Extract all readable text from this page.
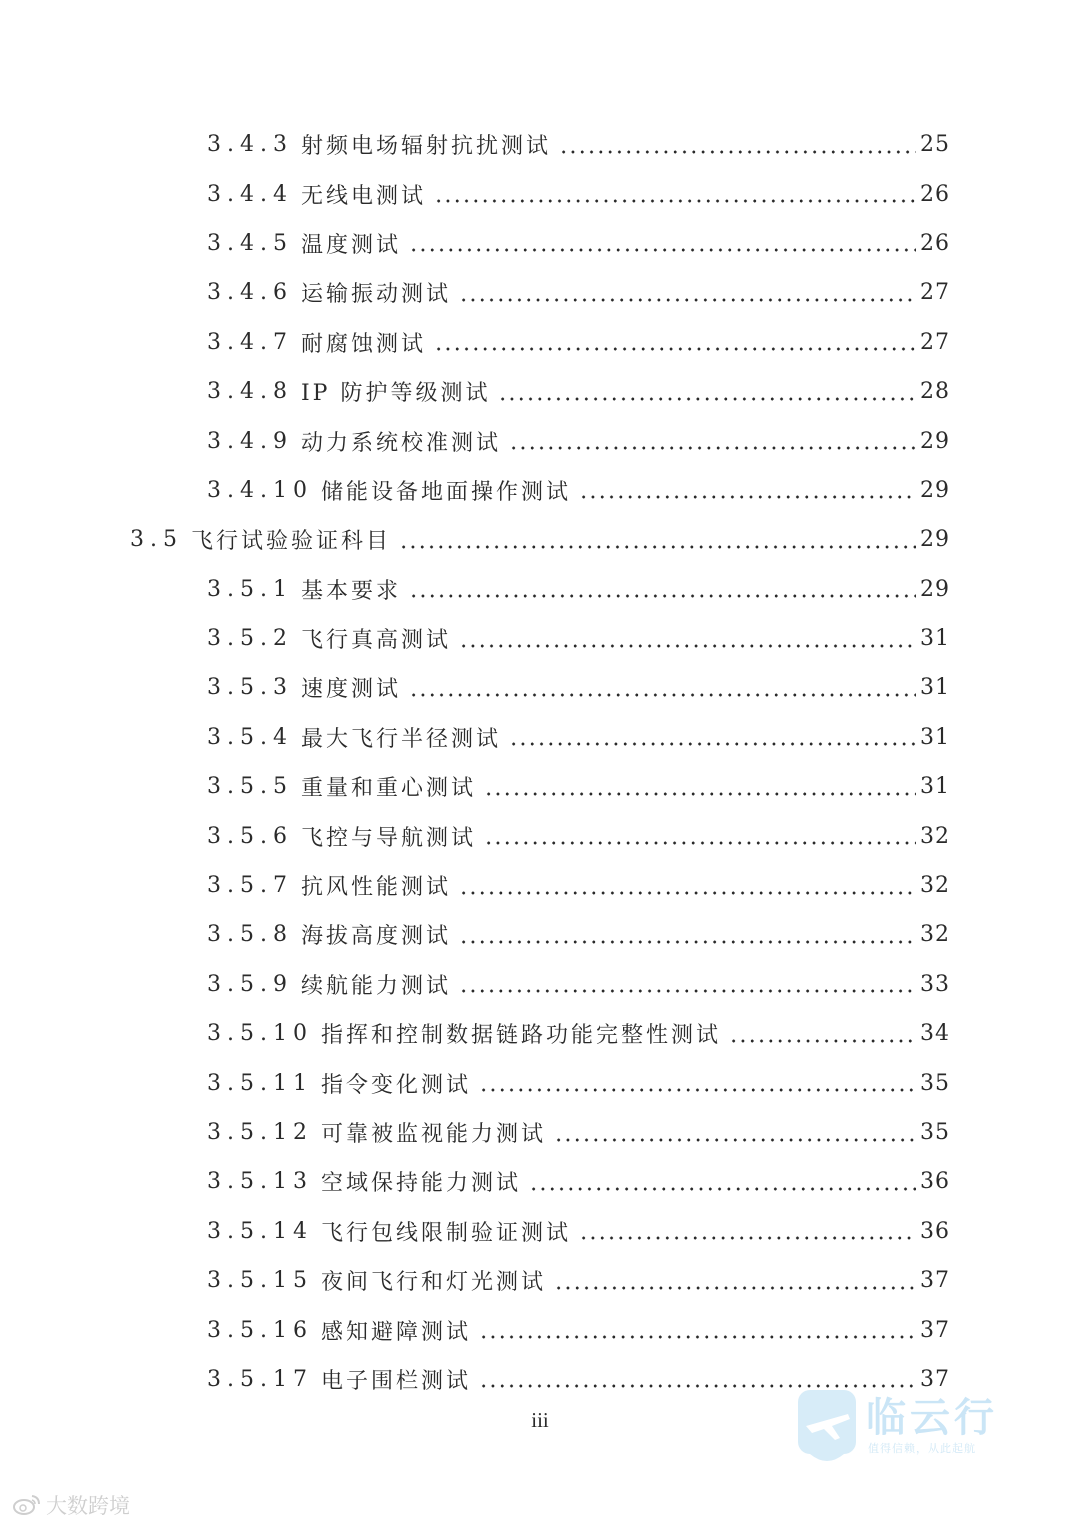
3.4.3 射频电场辐射抗扰测试	25
3.4.4 无线电测试	26
3.4.5 温度测试	26
3.4.6 运输振动测试	27
3.4.7 耐腐蚀测试	27
3.4.8 IP 防护等级测试	28
3.4.9 动力系统校准测试	29
3.4.10 储能设备地面操作测试	29
3.5 飞行试验验证科目	29
3.5.1 基本要求	29
3.5.2 飞行真高测试	31
3.5.3 速度测试	31
3.5.4 最大飞行半径测试	31
3.5.5 重量和重心测试	31
3.5.6 飞控与导航测试	32
3.5.7 抗风性能测试	32
3.5.8 海拔高度测试	32
3.5.9 续航能力测试	33
3.5.10 指挥和控制数据链路功能完整性测试	34
3.5.11 指令变化测试	35
3.5.12 可靠被监视能力测试	35
3.5.13 空域保持能力测试	36
3.5.14 飞行包线限制验证测试	36
3.5.15 夜间飞行和灯光测试	37
3.5.16 感知避障测试	37
3.5.17 电子围栏测试	37
iii
大数跨境
临云行
值得信赖，从此起航
